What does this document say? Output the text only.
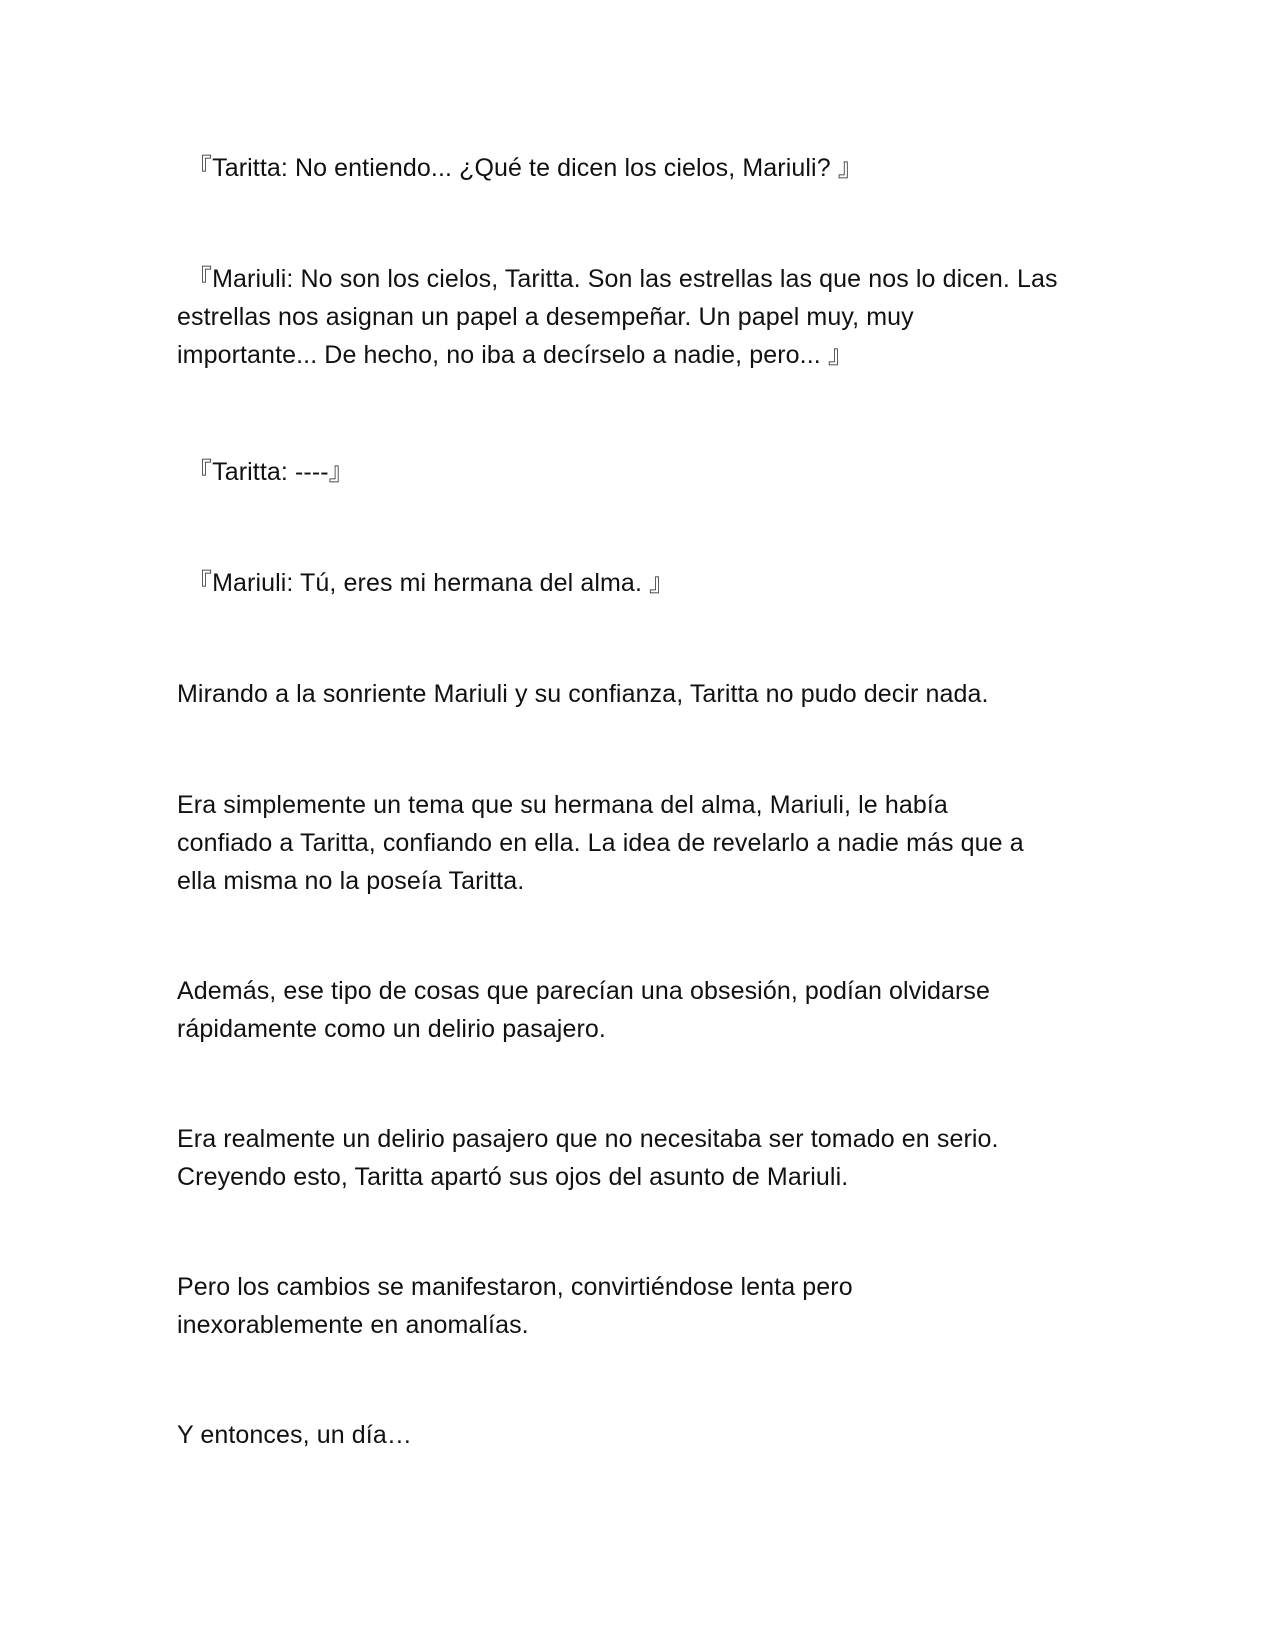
『Taritta: No entiendo... ¿Qué te dicen los cielos, Mariuli? 』

『Mariuli: No son los cielos, Taritta. Son las estrellas las que nos lo dicen. Las
estrellas nos asignan un papel a desempeñar. Un papel muy, muy
importante... De hecho, no iba a decírselo a nadie, pero... 』

『Taritta: ----』

『Mariuli: Tú, eres mi hermana del alma. 』

Mirando a la sonriente Mariuli y su confianza, Taritta no pudo decir nada.

Era simplemente un tema que su hermana del alma, Mariuli, le había
confiado a Taritta, confiando en ella. La idea de revelarlo a nadie más que a
ella misma no la poseía Taritta.

Además, ese tipo de cosas que parecían una obsesión, podían olvidarse
rápidamente como un delirio pasajero.

Era realmente un delirio pasajero que no necesitaba ser tomado en serio.
Creyendo esto, Taritta apartó sus ojos del asunto de Mariuli.

Pero los cambios se manifestaron, convirtiéndose lenta pero
inexorablemente en anomalías.

Y entonces, un día…
